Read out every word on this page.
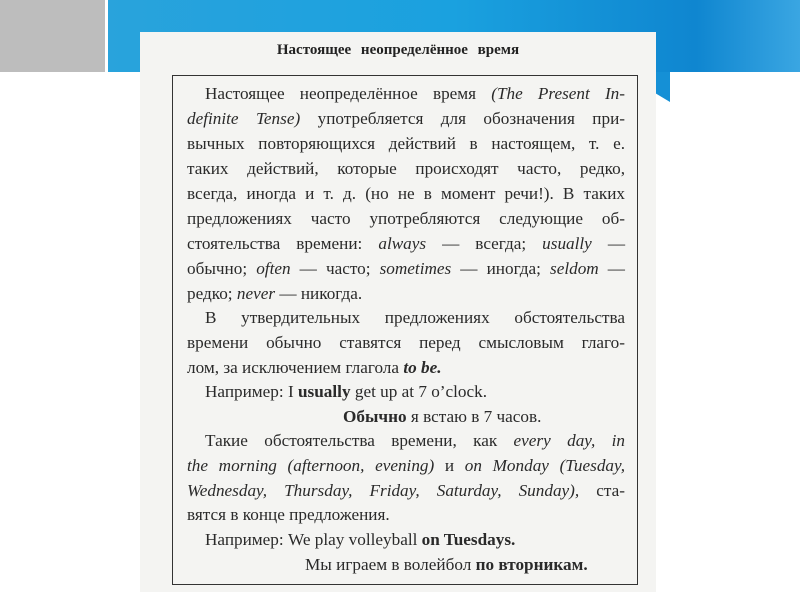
Настоящее неопределённое время
Настоящее неопределённое время (The Present In-
definite Tense) употребляется для обозначения при-
вычных повторяющихся действий в настоящем, т. е.
таких действий, которые происходят часто, редко,
всегда, иногда и т. д. (но не в момент речи!). В таких
предложениях часто употребляются следующие об-
стоятельства времени: always — всегда; usually —
обычно; often — часто; sometimes — иногда; seldom —
редко; never — никогда.
В утвердительных предложениях обстоятельства
времени обычно ставятся перед смысловым глаго-
лом, за исключением глагола to be.
Например: I usually get up at 7 o’clock.
Обычно я встаю в 7 часов.
Такие обстоятельства времени, как every day, in
the morning (afternoon, evening) и on Monday (Tuesday,
Wednesday, Thursday, Friday, Saturday, Sunday), ста-
вятся в конце предложения.
Например: We play volleyball on Tuesdays.
Мы играем в волейбол по вторникам.
